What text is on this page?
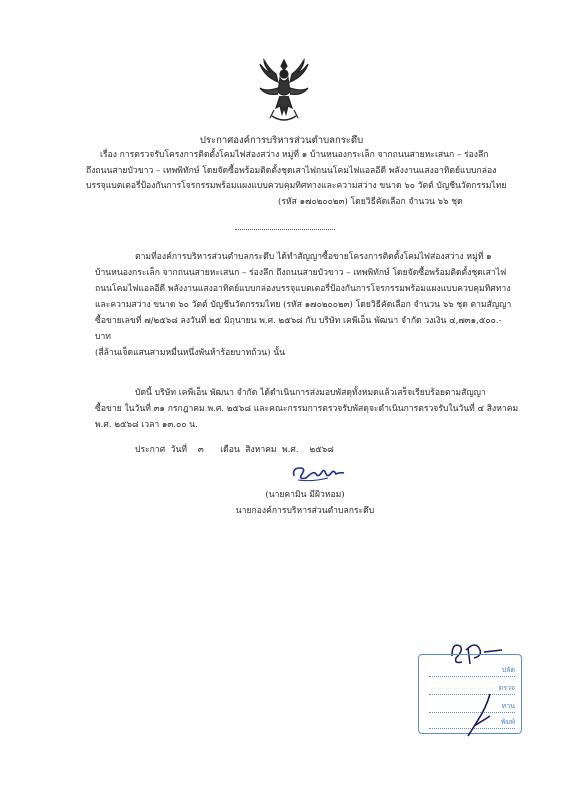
ประกาศองค์การบริหารส่วนตำบลกระดึบ
เรื่อง การตรวจรับโครงการติดตั้งโคมไฟส่องสว่าง หมู่ที่ ๑ บ้านหนองกระเล็ก จากถนนสายหะเสนก – ร่องลึก
ถึงถนนสายบัวขาว – เทพพิทักษ์ โดยจัดซื้อพร้อมติดตั้งชุดเสาไฟถนนโคมไฟแอลอีดี พลังงานแสงอาทิตย์แบบกล่อง
บรรจุแบตเตอรี่ป้องกันการโจรกรรมพร้อมแผงแบบควบคุมทิศทางและความสว่าง ขนาด ๖๐ วัตต์ บัญชีนวัตกรรมไทย
(รหัส ๑๗๐๒๐๐๒๓) โดยวิธีคัดเลือก จำนวน ๖๖ ชุด
ตามที่องค์การบริหารส่วนตำบลกระดึบ ได้ทำสัญญาซื้อขายโครงการติดตั้งโคมไฟส่องสว่าง หมู่ที่ ๑
บ้านหนองกระเล็ก จากถนนสายหะเสนก – ร่องลึก ถึงถนนสายบัวขาว – เทพพิทักษ์ โดยจัดซื้อพร้อมติดตั้งชุดเสาไฟ
ถนนโคมไฟแอลอีดี พลังงานแสงอาทิตย์แบบกล่องบรรจุแบตเตอรี่ป้องกันการโจรกรรมพร้อมแผงแบบควบคุมทิศทาง
และความสว่าง ขนาด ๖๐ วัตต์ บัญชีนวัตกรรมไทย (รหัส ๑๗๐๒๐๐๒๓) โดยวิธีคัดเลือก จำนวน ๖๖ ชุด ตามสัญญา
ซื้อขายเลขที่ ๗/๒๕๖๘ ลงวันที่ ๒๕ มิถุนายน พ.ศ. ๒๕๖๘ กับ บริษัท เคพีเอ็น พัฒนา จำกัด วงเงิน ๔,๗๓๑,๕๐๐.- บาท
(สี่ล้านเจ็ดแสนสามหมื่นหนึ่งพันห้าร้อยบาทถ้วน) นั้น
บัดนี้ บริษัท เคพีเอ็น พัฒนา จำกัด ได้ดำเนินการส่งมอบพัสดุทั้งหมดแล้วเสร็จเรียบร้อยตามสัญญา
ซื้อขาย ในวันที่ ๓๑ กรกฎาคม พ.ศ. ๒๕๖๘ และคณะกรรมการตรวจรับพัสดุจะดำเนินการตรวจรับในวันที่ ๔ สิงหาคม
พ.ศ. ๒๕๖๘ เวลา ๑๓.๐๐ น.
ประกาศ  วันที่    ๓      เดือน  สิงหาคม  พ.ศ.    ๒๕๖๘
(นายคามิน มีผิวหอม)
นายกองค์การบริหารส่วนตำบลกระดึบ
ปลัด
ตรวจ
ทาน
พิมพ์
